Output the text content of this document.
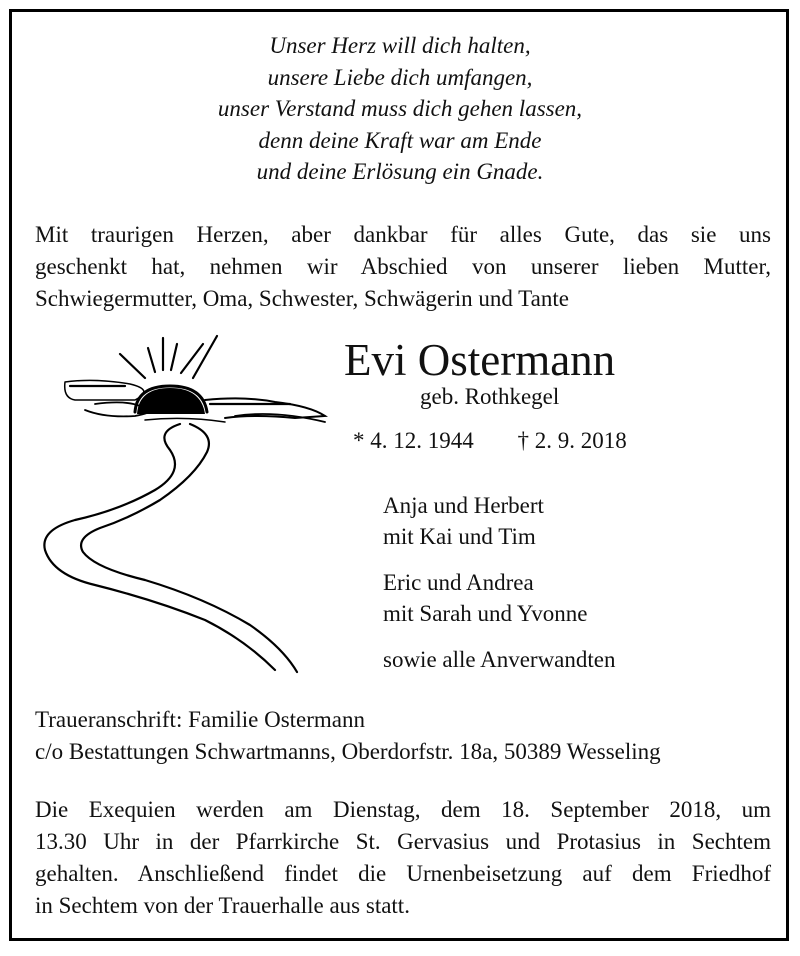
Unser Herz will dich halten,
unsere Liebe dich umfangen,
unser Verstand muss dich gehen lassen,
denn deine Kraft war am Ende
und deine Erlösung ein Gnade.
Mit traurigen Herzen, aber dankbar für alles Gute, das sie uns
geschenkt hat, nehmen wir Abschied von unserer lieben Mutter,
Schwiegermutter, Oma, Schwester, Schwägerin und Tante
Evi Ostermann
geb. Rothkegel
* 4. 12. 1944 † 2. 9. 2018
Anja und Herbert
mit Kai und Tim
Eric und Andrea
mit Sarah und Yvonne
sowie alle Anverwandten
Traueranschrift: Familie Ostermann
c/o Bestattungen Schwartmanns, Oberdorfstr. 18a, 50389 Wesseling
Die Exequien werden am Dienstag, dem 18. September 2018, um
13.30 Uhr in der Pfarrkirche St. Gervasius und Protasius in Sechtem
gehalten. Anschließend findet die Urnenbeisetzung auf dem Friedhof
in Sechtem von der Trauerhalle aus statt.
